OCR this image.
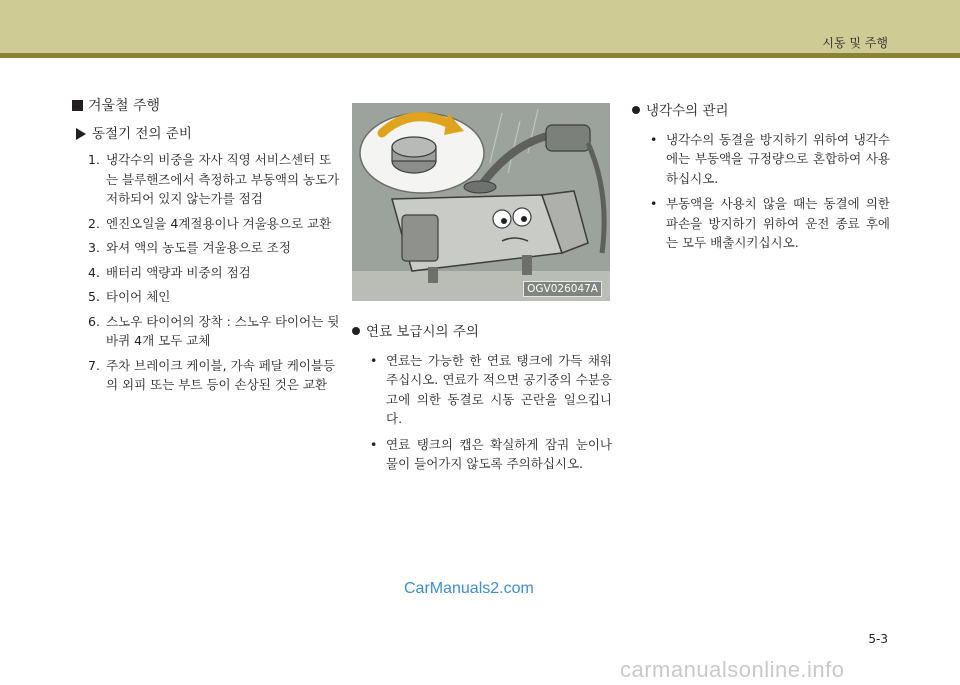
시동 및 주행
겨울철 주행
동절기 전의 준비
1. 냉각수의 비중을 자사 직영 서비스센터 또는 블루핸즈에서 측정하고 부동액의 농도가 저하되어 있지 않는가를 점검
2. 엔진오일을 4계절용이나 겨울용으로 교환
3. 와셔 액의 농도를 겨울용으로 조정
4. 배터리 액량과 비중의 점검
5. 타이어 체인
6. 스노우 타이어의 장착 : 스노우 타이어는 뒷바퀴 4개 모두 교체
7. 주차 브레이크 케이블, 가속 페달 케이블등의 외피 또는 부트 등이 손상된 것은 교환
OGV026047A
연료 보급시의 주의
• 연료는 가능한 한 연료 탱크에 가득 채워주십시오. 연료가 적으면 공기중의 수분응고에 의한 동결로 시동 곤란을 일으킵니다.
• 연료 탱크의 캡은 확실하게 잠궈 눈이나 물이 들어가지 않도록 주의하십시오.
냉각수의 관리
• 냉각수의 동결을 방지하기 위하여 냉각수에는 부동액을 규정량으로 혼합하여 사용하십시오.
• 부동액을 사용치 않을 때는 동결에 의한 파손을 방지하기 위하여 운전 종료 후에는 모두 배출시키십시오.
CarManuals2.com
5-3
carmanualsonline.info
